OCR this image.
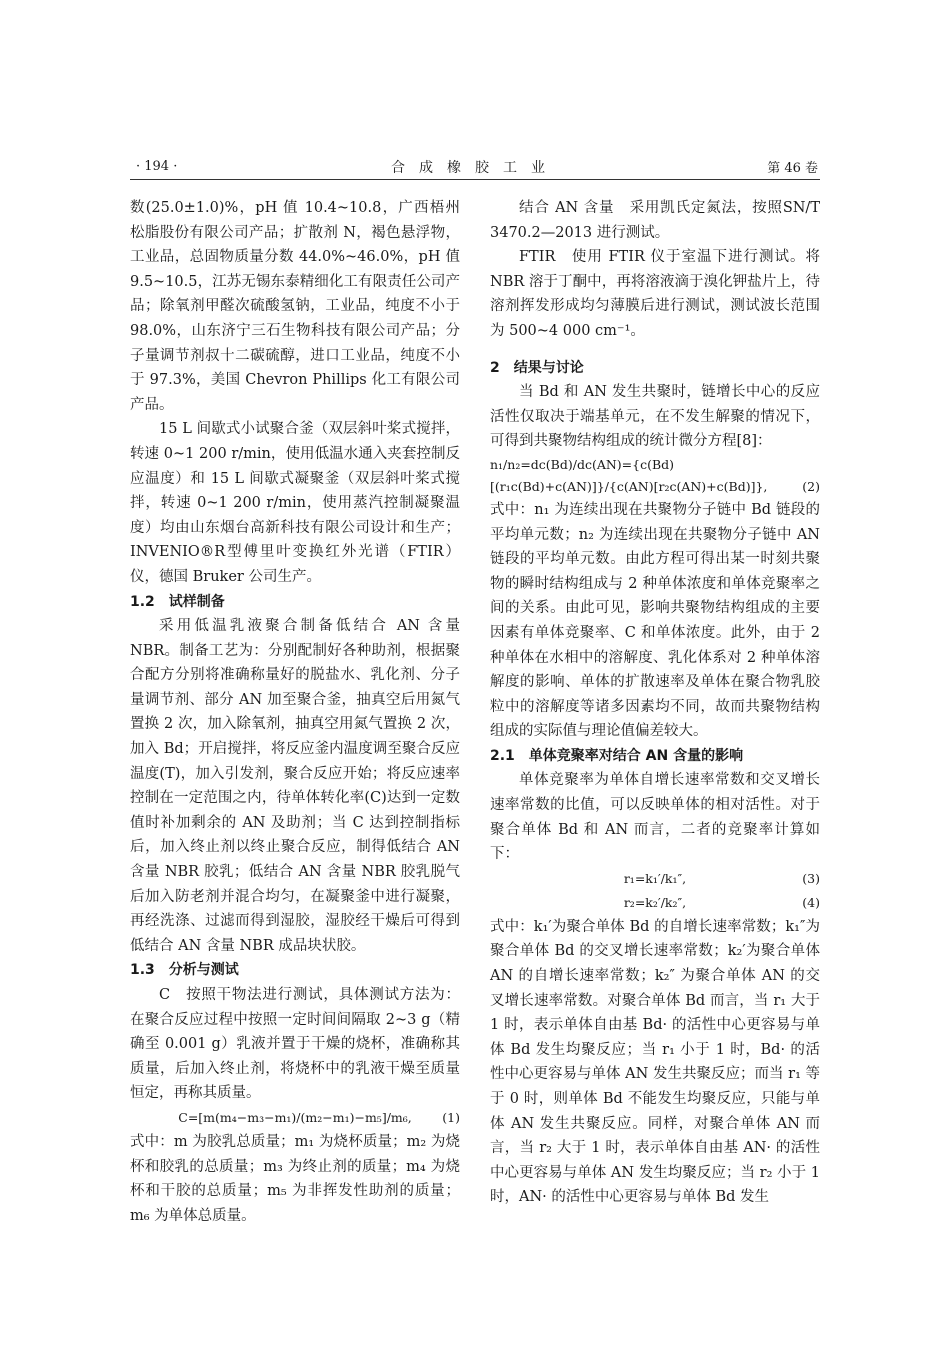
· 194 ·	合成橡胶工业	第 46 卷

数(25.0±1.0)%，pH 值 10.4~10.8，广西梧州松脂股份有限公司产品；扩散剂 N，褐色悬浮物，工业品，总固物质量分数 44.0%~46.0%，pH 值 9.5~10.5，江苏无锡东泰精细化工有限责任公司产品；除氧剂甲醛次硫酸氢钠，工业品，纯度不小于 98.0%，山东济宁三石生物科技有限公司产品；分子量调节剂叔十二碳硫醇，进口工业品，纯度不小于 97.3%，美国 Chevron Phillips 化工有限公司产品。

15 L 间歇式小试聚合釜（双层斜叶桨式搅拌，转速 0~1 200 r/min，使用低温水通入夹套控制反应温度）和 15 L 间歇式凝聚釜（双层斜叶桨式搅拌，转速 0~1 200 r/min，使用蒸汽控制凝聚温度）均由山东烟台高新科技有限公司设计和生产；INVENIO®R型傅里叶变换红外光谱（FTIR）仪，德国 Bruker 公司生产。

1.2　试样制备

采用低温乳液聚合制备低结合 AN 含量 NBR。制备工艺为：分别配制好各种助剂，根据聚合配方分别将准确称量好的脱盐水、乳化剂、分子量调节剂、部分 AN 加至聚合釜，抽真空后用氮气置换 2 次，加入除氧剂，抽真空用氮气置换 2 次，加入 Bd；开启搅拌，将反应釜内温度调至聚合反应温度(T)，加入引发剂，聚合反应开始；将反应速率控制在一定范围之内，待单体转化率(C)达到一定数值时补加剩余的 AN 及助剂；当 C 达到控制指标后，加入终止剂以终止聚合反应，制得低结合 AN 含量 NBR 胶乳；低结合 AN 含量 NBR 胶乳脱气后加入防老剂并混合均匀，在凝聚釜中进行凝聚，再经洗涤、过滤而得到湿胶，湿胶经干燥后可得到低结合 AN 含量 NBR 成品块状胶。

1.3　分析与测试

C　按照干物法进行测试，具体测试方法为：在聚合反应过程中按照一定时间间隔取 2~3 g（精确至 0.001 g）乳液并置于干燥的烧杯，准确称其质量，后加入终止剂，将烧杯中的乳液干燥至质量恒定，再称其质量。

C=[m(m₄−m₃−m₁)/(m₂−m₁)−m₅]/m₆, (1)

式中：m 为胶乳总质量；m₁ 为烧杯质量；m₂ 为烧杯和胶乳的总质量；m₃ 为终止剂的质量；m₄ 为烧杯和干胶的总质量；m₅ 为非挥发性助剂的质量；m₆ 为单体总质量。

结合 AN 含量　采用凯氏定氮法，按照SN/T 3470.2—2013 进行测试。

FTIR　使用 FTIR 仪于室温下进行测试。将 NBR 溶于丁酮中，再将溶液滴于溴化钾盐片上，待溶剂挥发形成均匀薄膜后进行测试，测试波长范围为 500~4 000 cm⁻¹。

2　结果与讨论

当 Bd 和 AN 发生共聚时，链增长中心的反应活性仅取决于端基单元，在不发生解聚的情况下，可得到共聚物结构组成的统计微分方程[8]：

n₁/n₂=dc(Bd)/dc(AN)={c(Bd)[(r₁c(Bd)+c(AN)]}/{c(AN)[r₂c(AN)+c(Bd)]},	(2)

式中：n₁ 为连续出现在共聚物分子链中 Bd 链段的平均单元数；n₂ 为连续出现在共聚物分子链中 AN 链段的平均单元数。由此方程可得出某一时刻共聚物的瞬时结构组成与 2 种单体浓度和单体竞聚率之间的关系。由此可见，影响共聚物结构组成的主要因素有单体竞聚率、C 和单体浓度。此外，由于 2 种单体在水相中的溶解度、乳化体系对 2 种单体溶解度的影响、单体的扩散速率及单体在聚合物乳胶粒中的溶解度等诸多因素均不同，故而共聚物结构组成的实际值与理论值偏差较大。

2.1　单体竞聚率对结合 AN 含量的影响

单体竞聚率为单体自增长速率常数和交叉增长速率常数的比值，可以反映单体的相对活性。对于聚合单体 Bd 和 AN 而言，二者的竞聚率计算如下：

r₁=k₁′/k₁″,	(3)
r₂=k₂′/k₂″,	(4)

式中：k₁′为聚合单体 Bd 的自增长速率常数；k₁″为聚合单体 Bd 的交叉增长速率常数；k₂′为聚合单体 AN 的自增长速率常数；k₂″ 为聚合单体 AN 的交叉增长速率常数。对聚合单体 Bd 而言，当 r₁ 大于 1 时，表示单体自由基 Bd· 的活性中心更容易与单体 Bd 发生均聚反应；当 r₁ 小于 1 时，Bd· 的活性中心更容易与单体 AN 发生共聚反应；而当 r₁ 等于 0 时，则单体 Bd 不能发生均聚反应，只能与单体 AN 发生共聚反应。同样，对聚合单体 AN 而言，当 r₂ 大于 1 时，表示单体自由基 AN· 的活性中心更容易与单体 AN 发生均聚反应；当 r₂ 小于 1 时，AN· 的活性中心更容易与单体 Bd 发生
